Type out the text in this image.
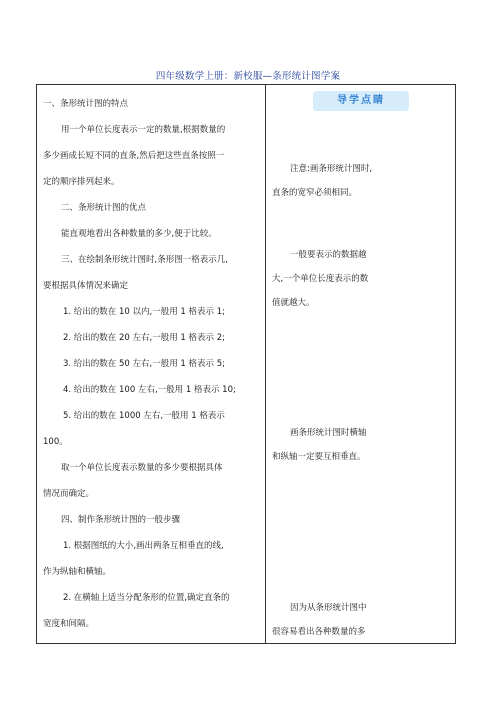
四年级数学上册：新校服—条形统计图学案
一、条形统计图的特点
用一个单位长度表示一定的数量,根据数量的
多少画成长短不同的直条,然后把这些直条按照一
定的顺序排列起来。
二、条形统计图的优点
能直观地看出各种数量的多少,便于比较。
三、在绘制条形统计图时,条形图一格表示几,
要根据具体情况来确定
1. 给出的数在 10 以内,一般用 1 格表示 1;
2. 给出的数在 20 左右,一般用 1 格表示 2;
3. 给出的数在 50 左右,一般用 1 格表示 5;
4. 给出的数在 100 左右,一般用 1 格表示 10;
5. 给出的数在 1000 左右,一般用 1 格表示
100。
取一个单位长度表示数量的多少要根据具体
情况而确定。
四、制作条形统计图的一般步骤
1. 根据图纸的大小,画出两条互相垂直的线,
作为纵轴和横轴。
2. 在横轴上适当分配条形的位置,确定直条的
宽度和间隔。
导学点睛
注意:画条形统计图时,
直条的宽窄必须相同。
一般要表示的数据越
大,一个单位长度表示的数
值就越大。
画条形统计图时横轴
和纵轴一定要互相垂直。
因为从条形统计图中
很容易看出各种数量的多
